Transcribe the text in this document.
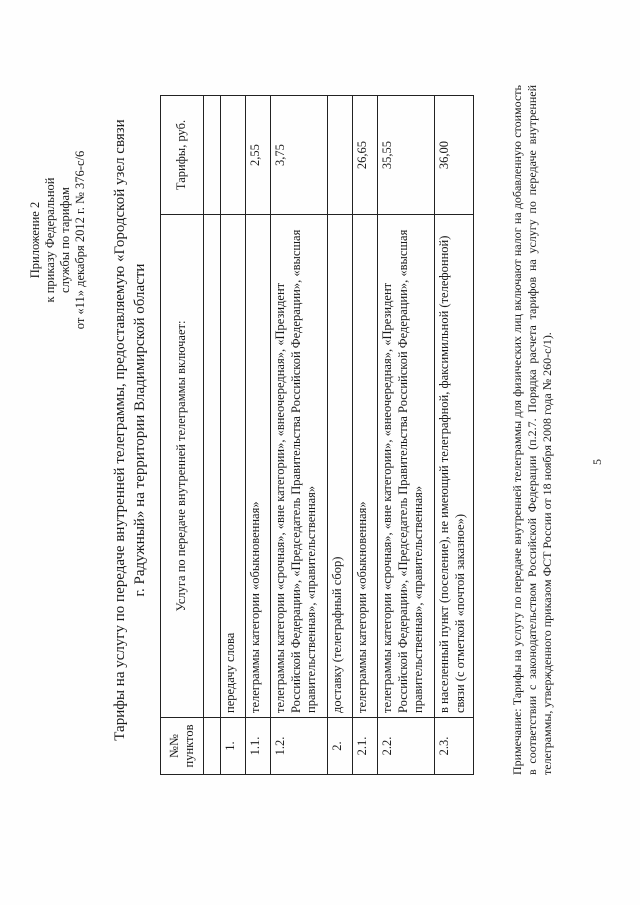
Приложение 2 к приказу Федеральной службы по тарифам от «11» декабря 2012 г. № 376-с/6 Тарифы на услугу по передаче внутренней телеграммы, предоставляемую «Городской узел связи г. Радужный» на территории Владимирской области
№№ пунктов	Услуга по передаче внутренней телеграммы включает:	Тарифы, руб.

1.	передачу слова	
1.1.	телеграммы категории «обыкновенная»	2,55
1.2.	телеграммы категории «срочная», «вне категории», «внеочередная», «Президент Российской Федерации», «Председатель Правительства Российской Федерации», «высшая правительственная», «правительственная»	3,75
2.	доставку (телеграфный сбор)	
2.1.	телеграммы категории «обыкновенная»	26,65
2.2.	телеграммы категории «срочная», «вне категории», «внеочередная», «Президент Российской Федерации», «Председатель Правительства Российской Федерации», «высшая правительственная», «правительственная»	35,55
2.3.	в населенный пункт (поселение), не имеющий телеграфной, факсимильной (телефонной) связи (с отметкой «почтой заказное»)	36,00	Примечание: Тарифы на услугу по передаче внутренней телеграммы для физических лиц включают налог на добавленную стоимость в соответствии с законодательством Российской Федерации (п.2.7. Порядка расчета тарифов на услугу по передаче внутренней телеграммы, утвержденного приказом ФСТ России от 18 ноября 2008 года № 260-с/1).	5
